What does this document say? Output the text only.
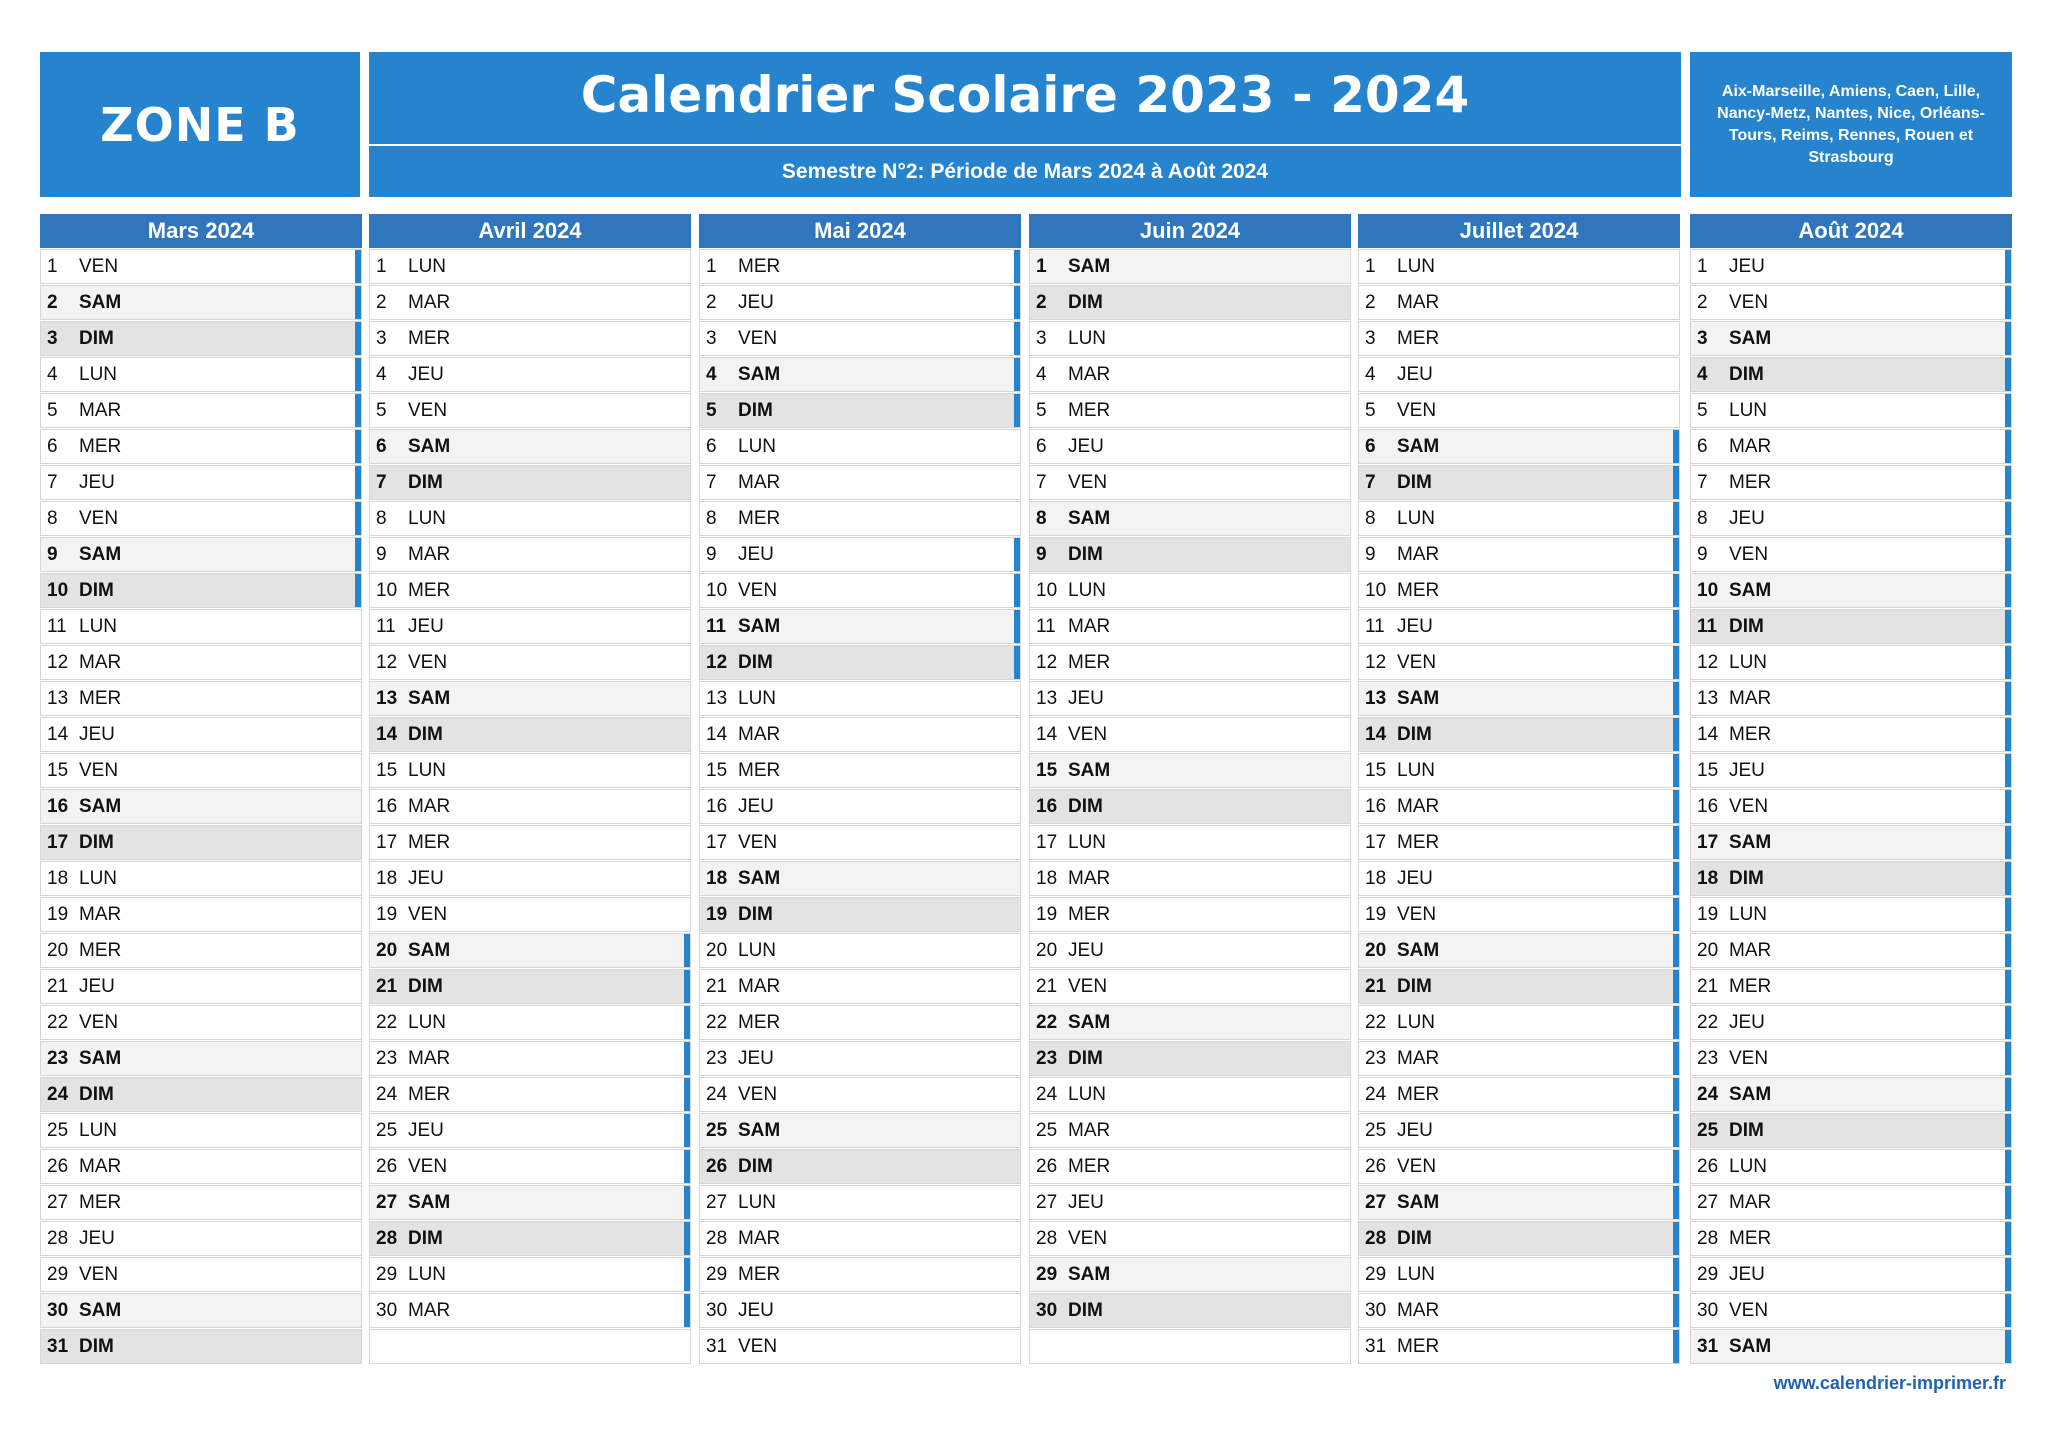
ZONE B
Calendrier Scolaire 2023 - 2024
Semestre N°2: Période de Mars 2024 à Août 2024
Aix-Marseille, Amiens, Caen, Lille, Nancy-Metz, Nantes, Nice, Orléans-Tours, Reims, Rennes, Rouen et Strasbourg
Mars 2024
1 VEN
2 SAM
3 DIM
4 LUN
5 MAR
6 MER
7 JEU
8 VEN
9 SAM
10 DIM
11 LUN
12 MAR
13 MER
14 JEU
15 VEN
16 SAM
17 DIM
18 LUN
19 MAR
20 MER
21 JEU
22 VEN
23 SAM
24 DIM
25 LUN
26 MAR
27 MER
28 JEU
29 VEN
30 SAM
31 DIM
Avril 2024
1 LUN
2 MAR
3 MER
4 JEU
5 VEN
6 SAM
7 DIM
8 LUN
9 MAR
10 MER
11 JEU
12 VEN
13 SAM
14 DIM
15 LUN
16 MAR
17 MER
18 JEU
19 VEN
20 SAM
21 DIM
22 LUN
23 MAR
24 MER
25 JEU
26 VEN
27 SAM
28 DIM
29 LUN
30 MAR
Mai 2024
1 MER
2 JEU
3 VEN
4 SAM
5 DIM
6 LUN
7 MAR
8 MER
9 JEU
10 VEN
11 SAM
12 DIM
13 LUN
14 MAR
15 MER
16 JEU
17 VEN
18 SAM
19 DIM
20 LUN
21 MAR
22 MER
23 JEU
24 VEN
25 SAM
26 DIM
27 LUN
28 MAR
29 MER
30 JEU
31 VEN
Juin 2024
1 SAM
2 DIM
3 LUN
4 MAR
5 MER
6 JEU
7 VEN
8 SAM
9 DIM
10 LUN
11 MAR
12 MER
13 JEU
14 VEN
15 SAM
16 DIM
17 LUN
18 MAR
19 MER
20 JEU
21 VEN
22 SAM
23 DIM
24 LUN
25 MAR
26 MER
27 JEU
28 VEN
29 SAM
30 DIM
Juillet 2024
1 LUN
2 MAR
3 MER
4 JEU
5 VEN
6 SAM
7 DIM
8 LUN
9 MAR
10 MER
11 JEU
12 VEN
13 SAM
14 DIM
15 LUN
16 MAR
17 MER
18 JEU
19 VEN
20 SAM
21 DIM
22 LUN
23 MAR
24 MER
25 JEU
26 VEN
27 SAM
28 DIM
29 LUN
30 MAR
31 MER
Août 2024
1 JEU
2 VEN
3 SAM
4 DIM
5 LUN
6 MAR
7 MER
8 JEU
9 VEN
10 SAM
11 DIM
12 LUN
13 MAR
14 MER
15 JEU
16 VEN
17 SAM
18 DIM
19 LUN
20 MAR
21 MER
22 JEU
23 VEN
24 SAM
25 DIM
26 LUN
27 MAR
28 MER
29 JEU
30 VEN
31 SAM
www.calendrier-imprimer.fr
